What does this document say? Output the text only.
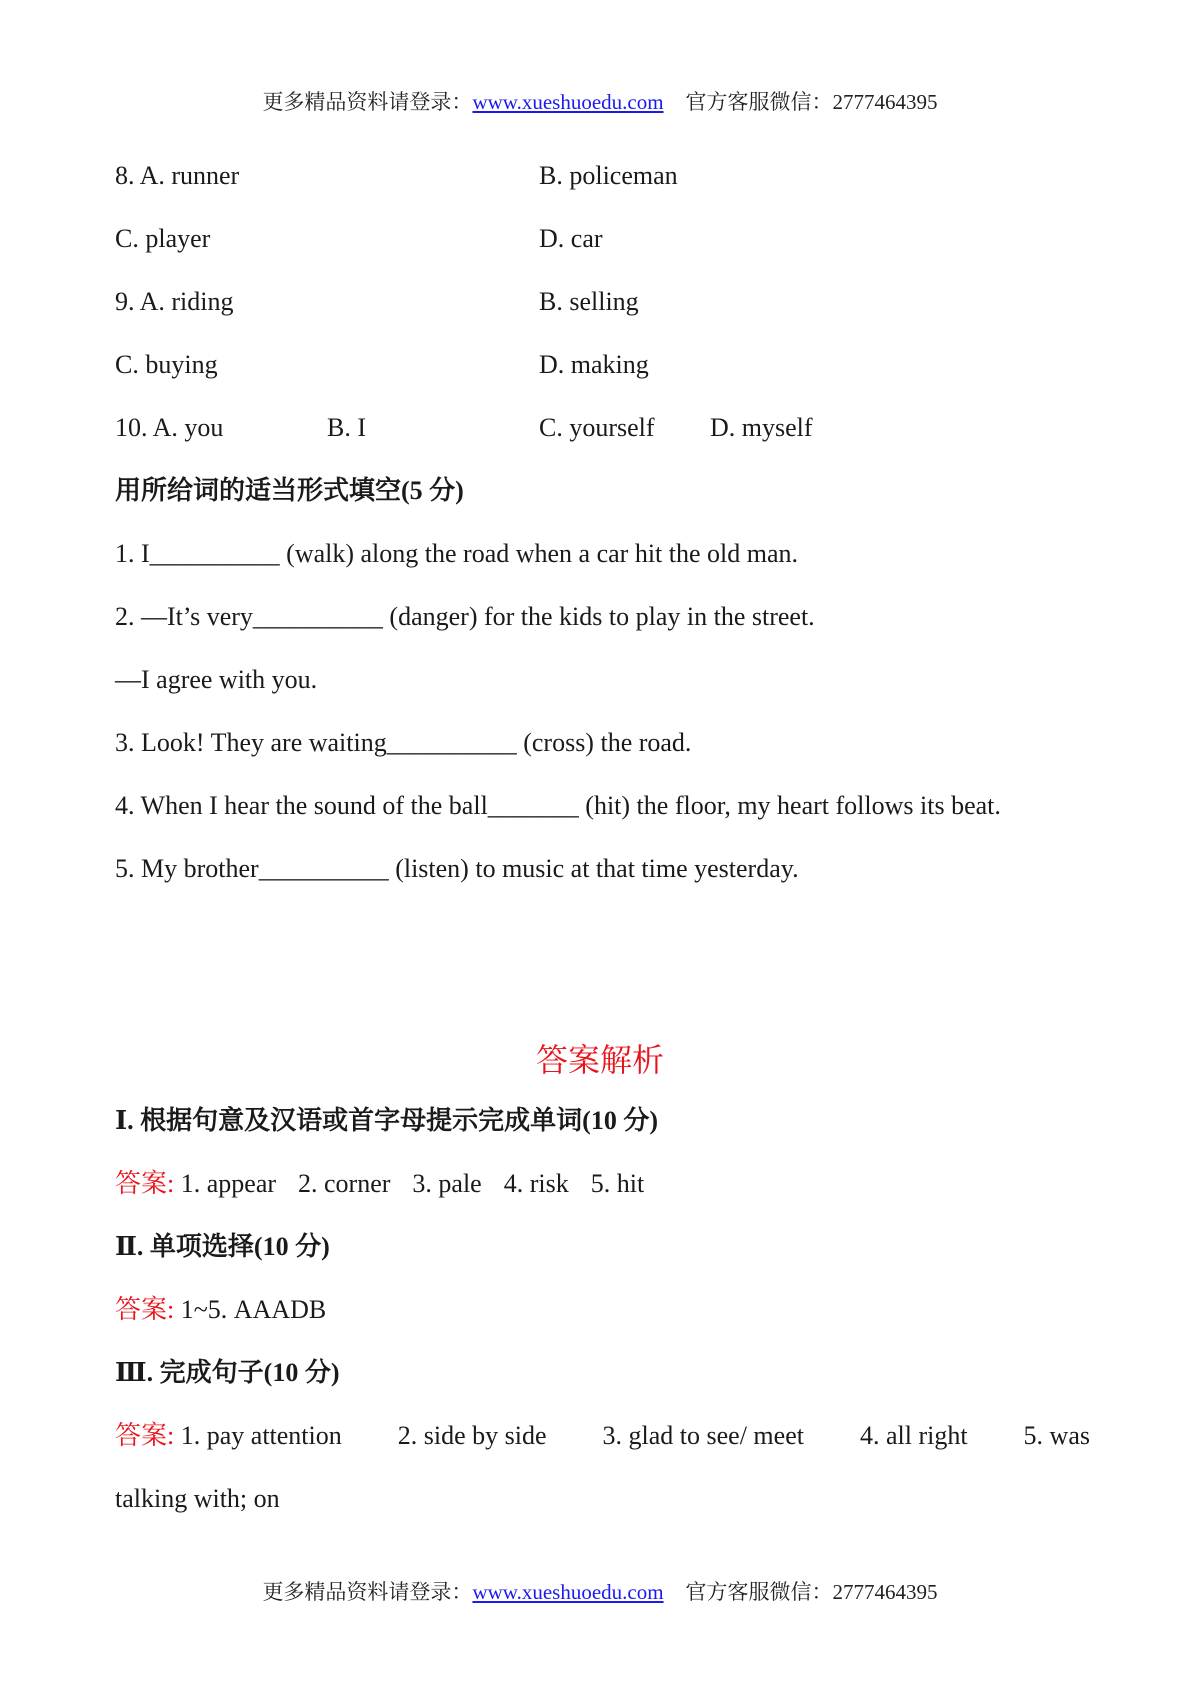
更多精品资料请登录：www.xueshuoedu.com 官方客服微信：2777464395
8. A. runner	B. policeman
C. player	D. car
9. A. riding	B. selling
C. buying	D. making
10. A. you	B. I	C. yourself D. myself
用所给词的适当形式填空(5 分)
1. I__________ (walk) along the road when a car hit the old man.
2. —It’s very__________ (danger) for the kids to play in the street.
—I agree with you.
3. Look! They are waiting__________ (cross) the road.
4. When I hear the sound of the ball_______ (hit) the floor, my heart follows its beat.
5. My brother__________ (listen) to music at that time yesterday.
答案解析
Ⅰ. 根据句意及汉语或首字母提示完成单词(10 分)
答案: 1. appear 2. corner 3. pale 4. risk 5. hit
Ⅱ. 单项选择(10 分)
答案: 1~5. AAADB
Ⅲ. 完成句子(10 分)
答案: 1. pay attention 2. side by side 3. glad to see/ meet 4. all right 5. was
talking with; on
更多精品资料请登录：www.xueshuoedu.com 官方客服微信：2777464395
